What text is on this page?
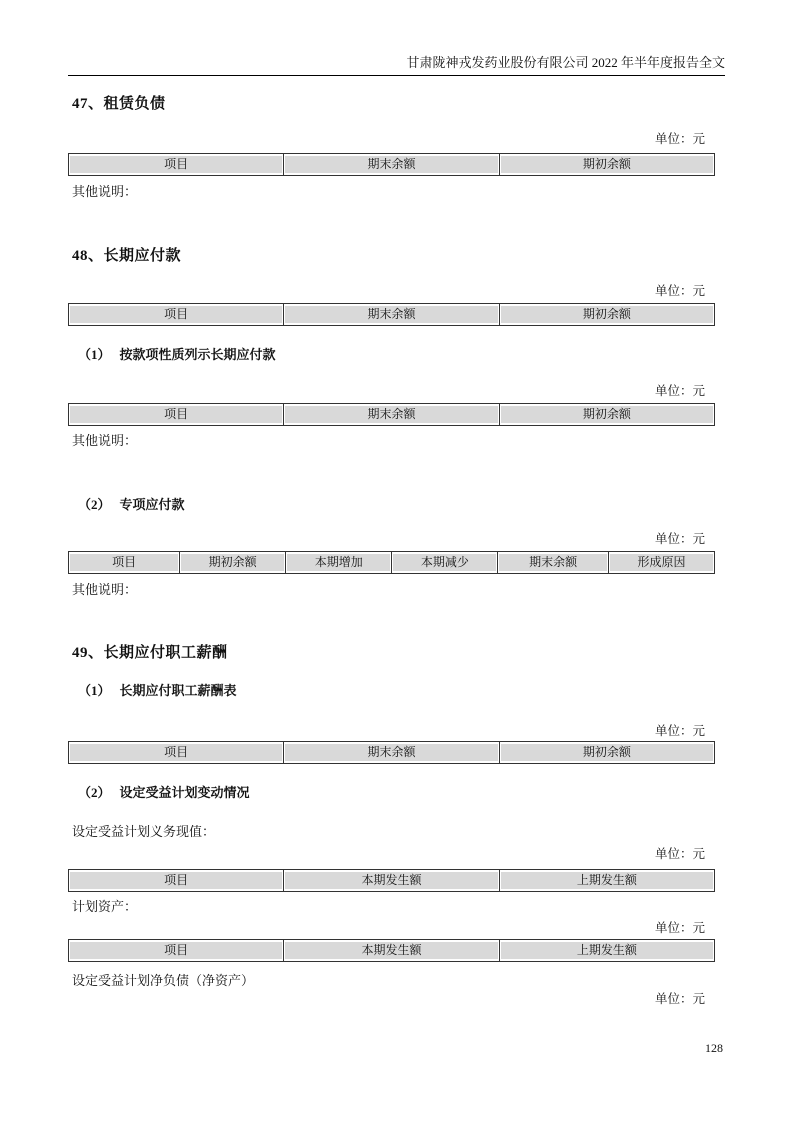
甘肃陇神戎发药业股份有限公司 2022 年半年度报告全文
47、租赁负债
单位：元
项目	期末余额	期初余额
其他说明：
48、长期应付款
单位：元
项目	期末余额	期初余额
（1） 按款项性质列示长期应付款
单位：元
项目	期末余额	期初余额
其他说明：
（2） 专项应付款
单位：元
项目	期初余额	本期增加	本期减少	期末余额	形成原因
其他说明：
49、长期应付职工薪酬
（1） 长期应付职工薪酬表
单位：元
项目	期末余额	期初余额
（2） 设定受益计划变动情况
设定受益计划义务现值：
单位：元
项目	本期发生额	上期发生额
计划资产：
单位：元
项目	本期发生额	上期发生额
设定受益计划净负债（净资产）
单位：元
128
